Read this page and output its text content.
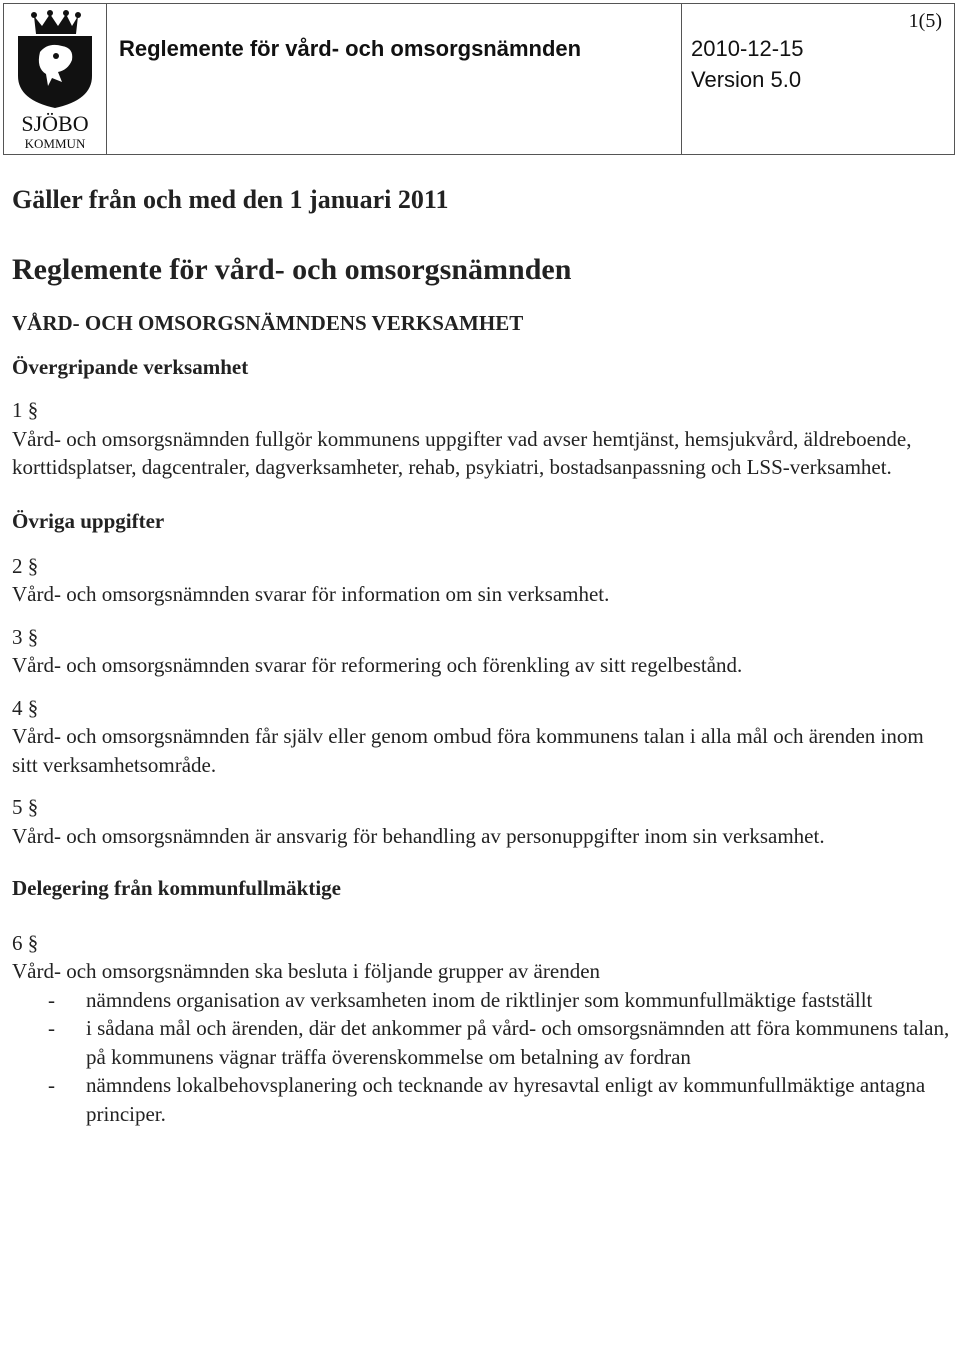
SJÖBO
KOMMUN
Reglemente för vård- och omsorgsnämnden	2010-12-15
Version 5.0
1(5)
Gäller från och med den 1 januari 2011
Reglemente för vård- och omsorgsnämnden
VÅRD- OCH OMSORGSNÄMNDENS VERKSAMHET
Övergripande verksamhet

1 §

Vård- och omsorgsnämnden fullgör kommunens uppgifter vad avser hemtjänst, hemsjukvård, äldreboende, korttidsplatser, dagcentraler, dagverksamheter, rehab, psykiatri, bostadsanpassning och LSS-verksamhet.

Övriga uppgifter

2 §

Vård- och omsorgsnämnden svarar för information om sin verksamhet.

3 §

Vård- och omsorgsnämnden svarar för reformering och förenkling av sitt regelbestånd.

4 §

Vård- och omsorgsnämnden får själv eller genom ombud föra kommunens talan i alla mål och ärenden inom sitt verksamhetsområde.

5 §

Vård- och omsorgsnämnden är ansvarig för behandling av personuppgifter inom sin verksamhet.

Delegering från kommunfullmäktige

6 §

Vård- och omsorgsnämnden ska besluta i följande grupper av ärenden

- nämndens organisation av verksamheten inom de riktlinjer som kommunfullmäktige fastställt
- i sådana mål och ärenden, där det ankommer på vård- och omsorgsnämnden att föra kommunens talan, på kommunens vägnar träffa överenskommelse om betalning av fordran
- nämndens lokalbehovsplanering och tecknande av hyresavtal enligt av kommunfullmäktige antagna principer.
